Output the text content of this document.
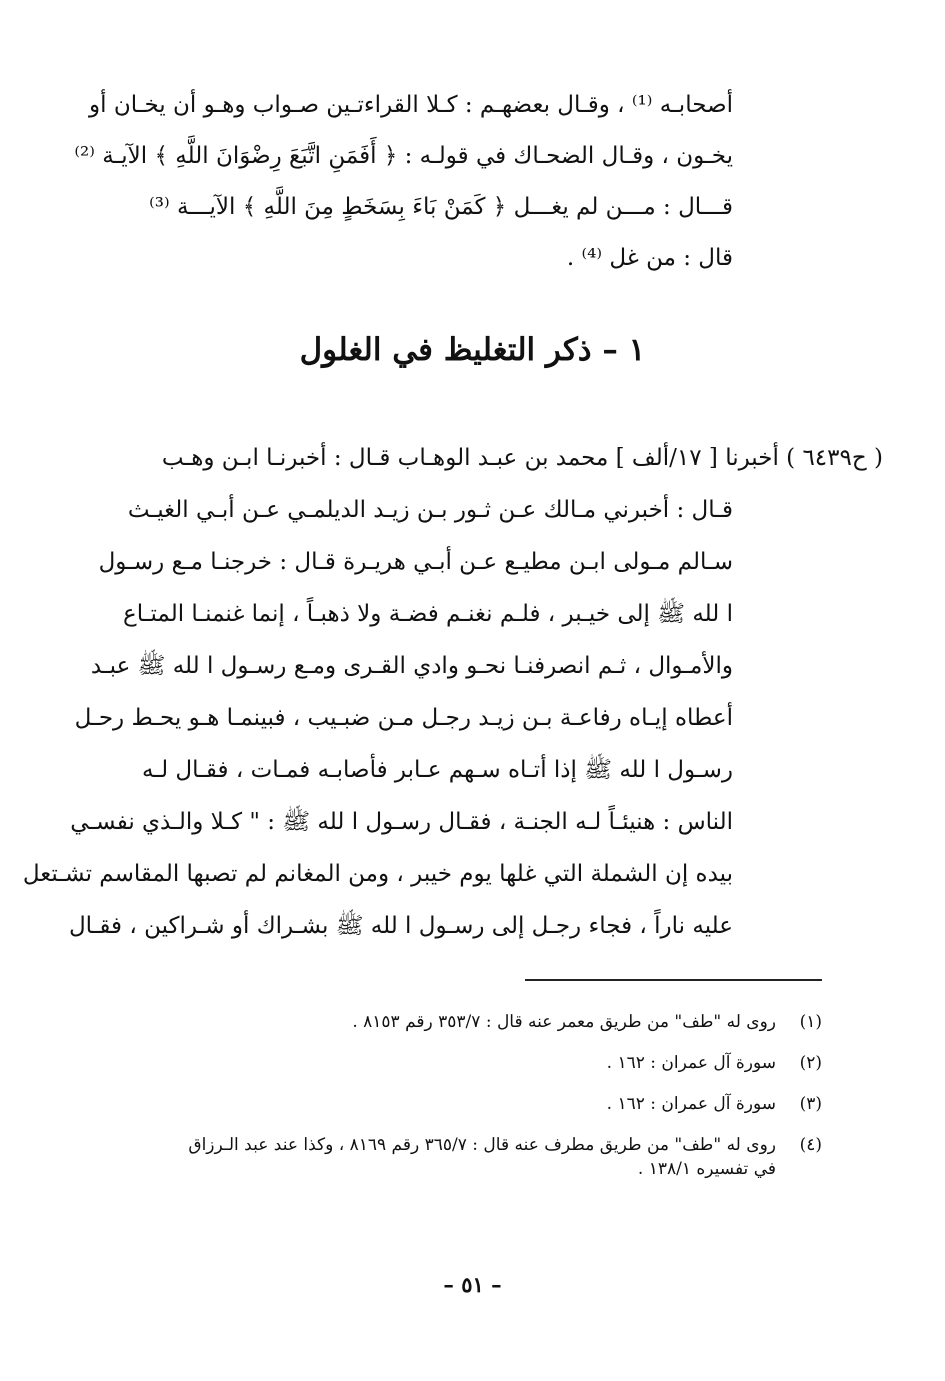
أصحابـه ⁽¹⁾ ، وقـال بعضهـم : كـلا القراءتـين صـواب وهـو أن يخـان أو
يخـون ، وقـال الضحـاك في قولـه : ﴿ أَفَمَنِ اتَّبَعَ رِضْوَانَ اللَّهِ ﴾ الآيـة ⁽²⁾
قـــال : مـــن لم يغـــل ﴿ كَمَنْ بَاءَ بِسَخَطٍ مِنَ اللَّهِ ﴾ الآيـــة ⁽³⁾
قال : من غل ⁽⁴⁾ .
١ – ذكر التغليظ في الغلول
( ح٦٤٣٩ ) أخبرنا [ ١٧/ألف ] محمد بن عبـد الوهـاب قـال : أخبرنـا ابـن وهـب
قـال : أخبرني مـالك عـن ثـور بـن زيـد الديلمـي عـن أبـي الغيـث
سـالم مـولى ابـن مطيـع عـن أبـي هريـرة قـال : خرجنـا مـع رسـول
ا لله ﷺ إلى خيـبر ، فلـم نغنـم فضـة ولا ذهبـاً ، إنما غنمنـا المتـاع
والأمـوال ، ثـم انصرفنـا نحـو وادي القـرى ومـع رسـول ا لله ﷺ عبـد
أعطاه إيـاه رفاعـة بـن زيـد رجـل مـن ضبـيب ، فبينمـا هـو يحـط رحـل
رسـول ا لله ﷺ إذا أتـاه سـهم عـابر فأصابـه فمـات ، فقـال لـه
الناس : هنيئـاً لـه الجنـة ، فقـال رسـول ا لله ﷺ : " كـلا والـذي نفسـي
بيده إن الشملة التي غلها يوم خيبر ، ومن المغانم لم تصبها المقاسم تشـتعل
عليه ناراً ، فجاء رجـل إلى رسـول ا لله ﷺ بشـراك أو شـراكين ، فقـال
(١)
روى له "طف" من طريق معمر عنه قال : ٣٥٣/٧ رقم ٨١٥٣ .
(٢)
سورة آل عمران : ١٦٢ .
(٣)
سورة آل عمران : ١٦٢ .
(٤)
روى له "طف" من طريق مطرف عنه قال : ٣٦٥/٧ رقم ٨١٦٩ ، وكذا عند عبد الـرزاق
في تفسيره ١٣٨/١ .
– ٥١ –
